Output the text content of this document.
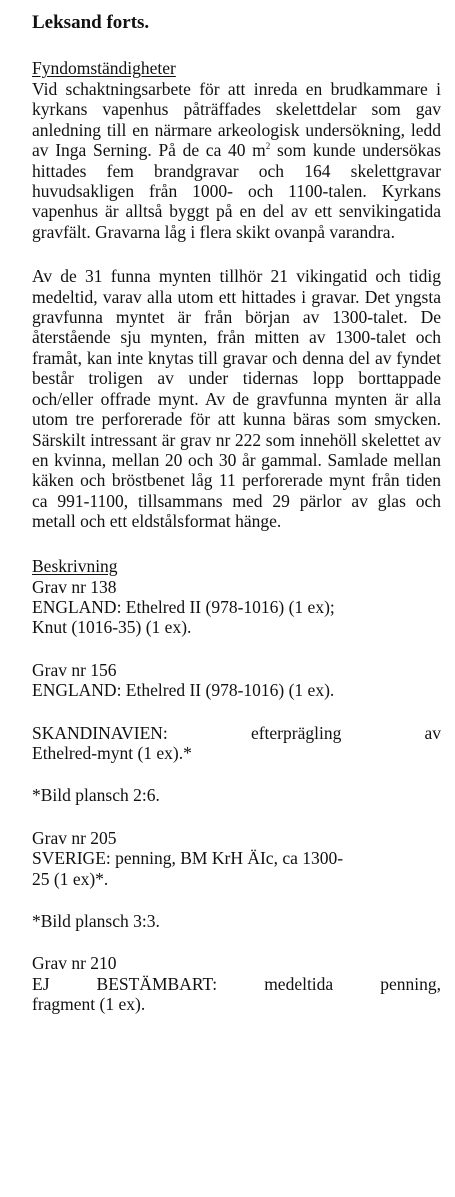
Leksand forts.
Fyndomständigheter

Vid schaktningsarbete för att inreda en brudkammare i kyrkans vapenhus påträffades skelettdelar som gav anledning till en närmare arkeologisk undersökning, ledd av Inga Serning. På de ca 40 $m^2$ som kunde undersökas hittades fem brandgravar och 164 skelettgravar huvudsakligen från 1000- och 1100-talen. Kyrkans vapenhus är alltså byggt på en del av ett senvikingatida gravfält. Gravarna låg i flera skikt ovanpå varandra.

Av de 31 funna mynten tillhör 21 vikingatid och tidig medeltid, varav alla utom ett hittades i gravar. Det yngsta gravfunna myntet är från början av 1300-talet. De återstående sju mynten, från mitten av 1300-talet och framåt, kan inte knytas till gravar och denna del av fyndet består troligen av under tidernas lopp borttappade och/eller offrade mynt. Av de gravfunna mynten är alla utom tre perforerade för att kunna bäras som smycken. Särskilt intressant är grav nr 222 som innehöll skelettet av en kvinna, mellan 20 och 30 år gammal. Samlade mellan käken och bröstbenet låg 11 perforerade mynt från tiden ca 991-1100, tillsammans med 29 pärlor av glas och metall och ett eldstålsformat hänge.

Beskrivning

Grav nr 138

ENGLAND: Ethelred II (978-1016) (1 ex);

Knut (1016-35) (1 ex).

Grav nr 156

ENGLAND: Ethelred II (978-1016) (1 ex).

SKANDINAVIEN: efterprägling av

Ethelred-mynt (1 ex).*

*Bild plansch 2:6.

Grav nr 205

SVERIGE: penning, BM KrH ÄIc, ca 1300-

25 (1 ex)*.

*Bild plansch 3:3.

Grav nr 210

EJ BESTÄMBART: medeltida penning,

fragment (1 ex).
